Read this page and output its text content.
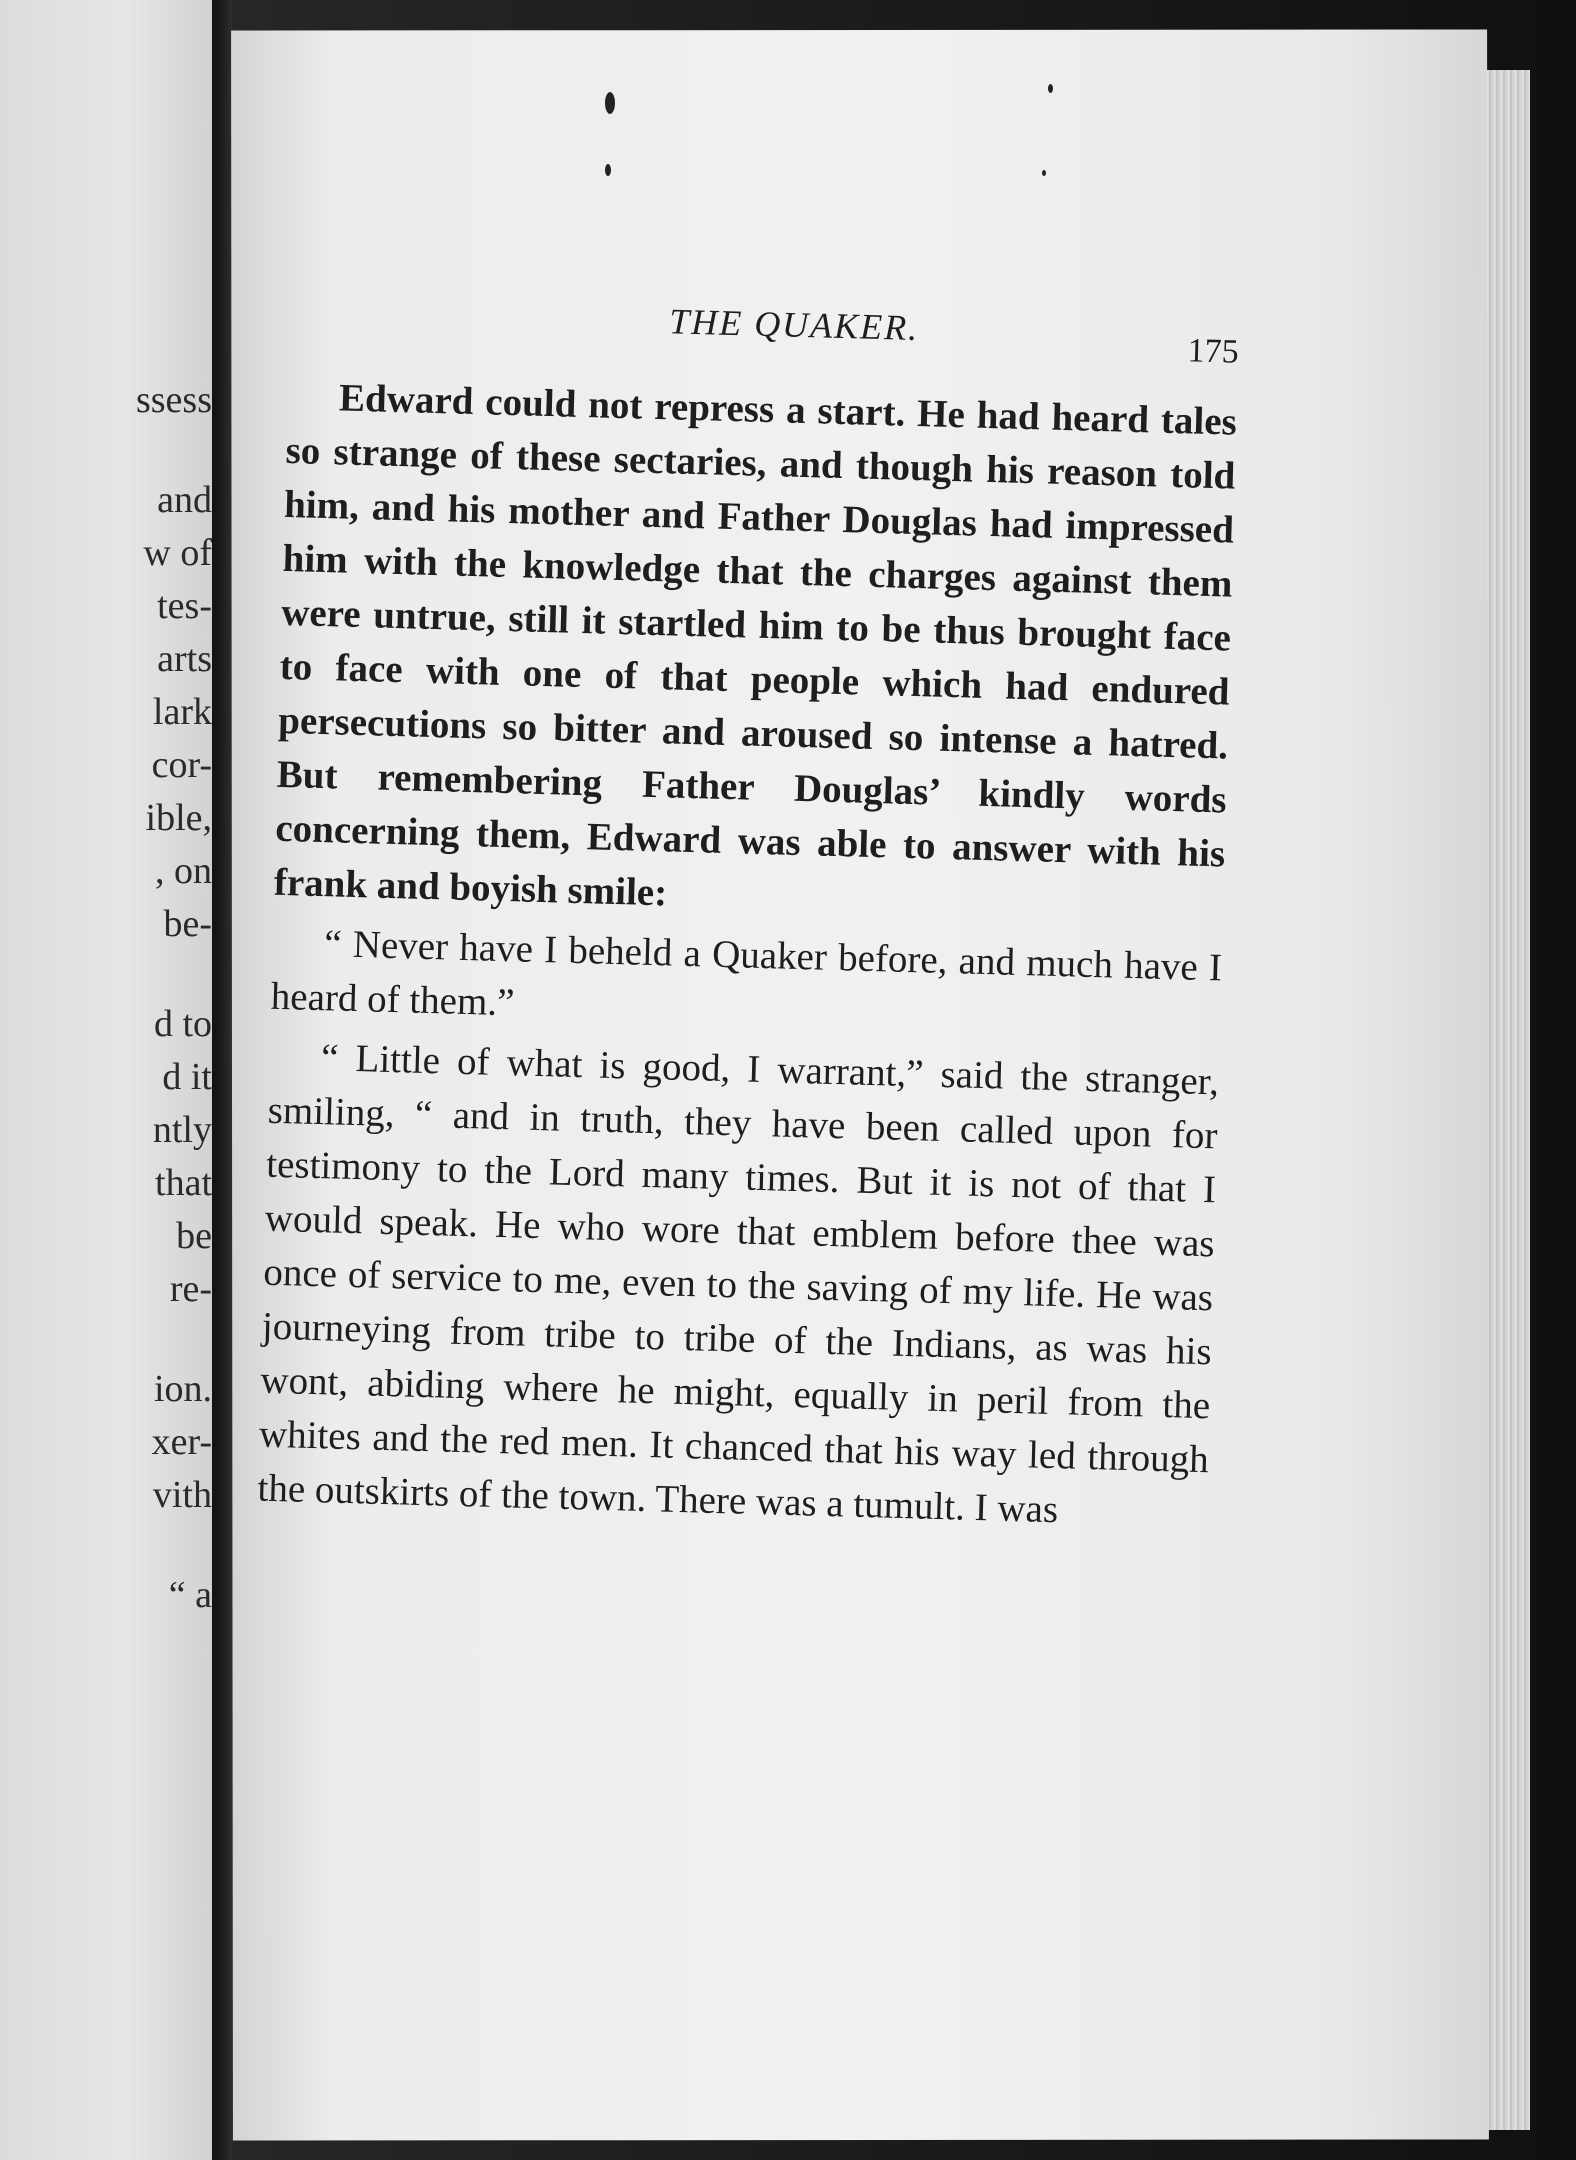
ssess
and
w of
tes-
arts
lark
cor-
ible,
, on
be-
d to
d it
ntly
that
be
re-
ion.
xer-
vith
“ a
THE QUAKER.
175

Edward could not repress a start. He had heard tales so strange of these sectaries, and though his reason told him, and his mother and Father Douglas had impressed him with the knowledge that the charges against them were untrue, still it startled him to be thus brought face to face with one of that people which had endured persecutions so bitter and aroused so intense a hatred. But remembering Father Douglas’ kindly words concerning them, Edward was able to answer with his frank and boyish smile:

“ Never have I beheld a Quaker before, and much have I heard of them.”

“ Little of what is good, I warrant,” said the stranger, smiling, “ and in truth, they have been called upon for testimony to the Lord many times. But it is not of that I would speak. He who wore that emblem before thee was once of service to me, even to the saving of my life. He was journeying from tribe to tribe of the Indians, as was his wont, abiding where he might, equally in peril from the whites and the red men. It chanced that his way led through the outskirts of the town. There was a tumult. I was
